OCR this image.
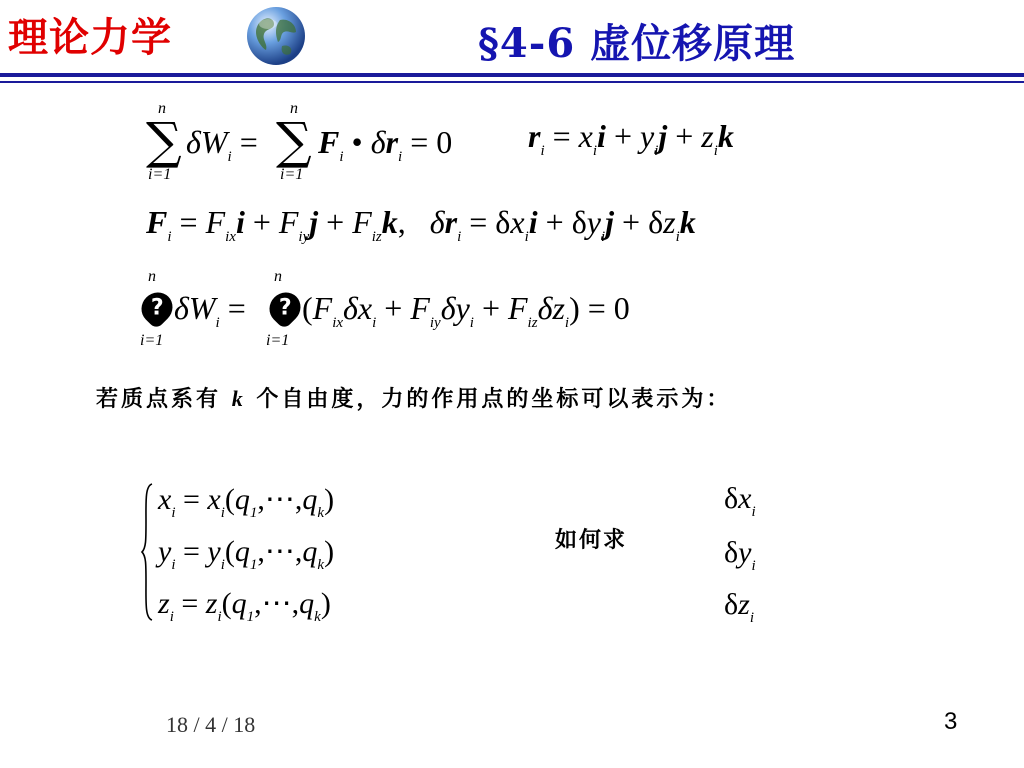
理论力学	§4-6 虚位移原理
n
∑
i=1
$\delta W_i$ =
n
∑
i=1
$F_i$ • $\delta r_i = 0$ $r_i = x_ii + y_ij + z_ik$
$F_i = F_{ix}i + F_{iy}j + F_{iz}k$,   $\delta r_i = \delta x_ii + \delta y_ij + \delta z_ik$
n
?
i=1
$\delta W_i$ =
n
?
i=1
$(F_{ix}\delta x_i + F_{iy}\delta y_i + F_{iz}\delta z_i) = 0$
若质点系有 k 个自由度，力的作用点的坐标可以表示为：
$x_i$ = $x_i(q_1,\cdots,q_k)$
$y_i$ = $y_i(q_1,\cdots,q_k)$
$z_i$ = $z_i(q_1,\cdots,q_k)$
如何求
$\delta x_i$
$\delta y_i$
$\delta z_i$
18 / 4 / 18	3
